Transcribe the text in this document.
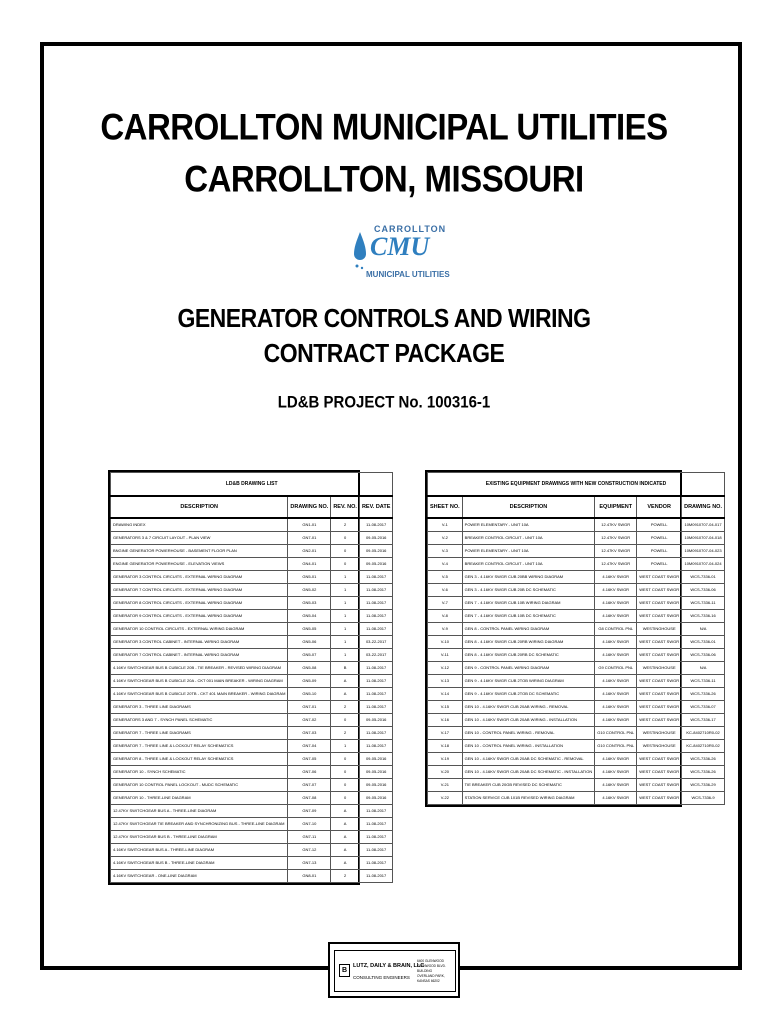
CARROLLTON MUNICIPAL UTILITIES
CARROLLTON, MISSOURI
CARROLLTON
CMU
MUNICIPAL UTILITIES
GENERATOR CONTROLS AND WIRING
CONTRACT PACKAGE
LD&B PROJECT No. 100316-1
LD&B DRAWING LIST			
DESCRIPTION	DRAWING NO.	REV. NO.	REV. DATE
DRAWING INDEX	GN1-01	2	11-08-2017
GENERATORS 3 & 7 CIRCUIT LAYOUT - PLAN VIEW	GN7-01	0	09-05-2016
BNGINE GENERATOR POWERHOUSE - BASEMENT FLOOR PLAN	GN2-01	0	09-05-2016
ENGINE GENERATOR POWERHOUSE - ELEVATION VIEWS	GN4-01	0	09-05-2016
GENERATOR 3 CONTROL CIRCUITS - EXTERNAL WIRING DIAGRAM	GN5-01	1	11-08-2017
GENERATOR 7 CONTROL CIRCUITS - EXTERNAL WIRING DIAGRAM	GN5-02	1	11-08-2017
GENERATOR 8 CONTROL CIRCUITS - EXTERNAL WIRING DIAGRAM	GN5-03	1	11-08-2017
GENERATOR 9 CONTROL CIRCUITS - EXTERNAL WIRING DIAGRAM	GN5-04	1	11-08-2017
GENERATOR 10 CONTROL CIRCUITS - EXTERNAL WIRING DIAGRAM	GN5-05	1	11-08-2017
GENERATOR 3 CONTROL CABINET - INTERNAL WIRING DIAGRAM	GN5-06	1	03-22-2017
GENERATOR 7 CONTROL CABINET - INTERNAL WIRING DIAGRAM	GN5-07	1	03-22-2017
4.16KV SWITCHGEAR BUS B CUBICLE 20B - TIE BREAKER - REVISED WIRING DIAGRAM	GN5-08	B	11-08-2017
4.16KV SWITCHGEAR BUS B CUBICLE 20A - CKT 001 MAIN BREAKER - WIRING DIAGRAM	GN5-09	A	11-08-2017
4.16KV SWITCHGEAR BUS B CUBICLE 20TB - CKT 401 MAIN BREAKER - WIRING DIAGRAM	GN5-10	A	11-08-2017
GENERATOR 3 - THREE LINE DIAGRAMS	GN7-01	2	11-08-2017
GENERATORS 3 AND 7 - SYNCH PANEL SCHEMATIC	GN7-02	0	09-05-2016
GENERATOR 7 - THREE LINE DIAGRAMS	GN7-03	2	11-08-2017
GENERATOR 7 - THREE LINE & LOCKOUT RELAY SCHEMATICS	GN7-04	1	11-08-2017
GENERATOR 8 - THREE LINE & LOCKOUT RELAY SCHEMATICS	GN7-05	0	09-05-2016
GENERATOR 10 - SYNCH SCHEMATIC	GN7-06	0	09-05-2016
GENERATOR 10 CONTROL PANEL LOCKOUT - MUDC SCHEMATIC	GN7-07	0	09-05-2016
GENERATOR 10 - THREE-LINE DIAGRAM	GN7-08	0	09-05-2016
12.47KV SWITCHGEAR BUS A - THREE-LINE DIAGRAM	GN7-09	A	11-08-2017
12.47KV SWITCHGEAR TIE BREAKER AND SYNCHRONIZING BUS - THREE-LINE DIAGRAM	GN7-10	A	11-08-2017
12.47KV SWITCHGEAR BUS B - THREE-LINE DIAGRAM	GN7-11	A	11-08-2017
4.16KV SWITCHGEAR BUS A - THREE-LINE DIAGRAM	GN7-12	A	11-08-2017
4.16KV SWITCHGEAR BUS B - THREE-LINE DIAGRAM	GN7-13	A	11-08-2017
4.16KV SWITCHGEAR - ONE-LINE DIAGRAM	GN8-01	2	11-08-2017
EXISTING EQUIPMENT DRAWINGS WITH NEW CONSTRUCTION INDICATED				
SHEET NO.	DESCRIPTION	EQUIPMENT	VENDOR	DRAWING NO.
V-1	POWER ELEMENTARY - UNIT 10A	12.47KV SWGR	POWELL	10M0910707-04-017
V-2	BREAKER CONTROL CIRCUIT - UNIT 10A	12.47KV SWGR	POWELL	10M0910707-04-018
V-3	POWER ELEMENTARY - UNIT 10A	12.47KV SWGR	POWELL	10M0910707-04-023
V-4	BREAKER CONTROL CIRCUIT - UNIT 10A	12.47KV SWGR	POWELL	10M0910707-04-024
V-5	GEN 3 - 4.16KV SWGR CUB 20BB WIRING DIAGRAM	4.16KV SWGR	WEST COAST SWGR	WCS-7336-01
V-6	GEN 3 - 4.16KV SWGR CUB 20B DC SCHEMATIC	4.16KV SWGR	WEST COAST SWGR	WCS-7336-06
V-7	GEN 7 - 4.16KV SWGR CUB 10B WIRING DIAGRAM	4.16KV SWGR	WEST COAST SWGR	WCS-7336-11
V-8	GEN 7 - 4.16KV SWGR CUB 10B DC SCHEMATIC	4.16KV SWGR	WEST COAST SWGR	WCS-7336-16
V-9	GEN 8 - CONTROL PANEL WIRING DIAGRAM	G8 CONTROL PNL	WESTINGHOUSE	N/A
V-10	GEN 8 - 4.16KV SWGR CUB 20RB WIRING DIAGRAM	4.16KV SWGR	WEST COAST SWGR	WCS-7336-01
V-11	GEN 8 - 4.16KV SWGR CUB 20RB DC SCHEMATIC	4.16KV SWGR	WEST COAST SWGR	WCS-7336-06
V-12	GEN 9 - CONTROL PANEL WIRING DIAGRAM	G9 CONTROL PNL	WESTINGHOUSE	N/A
V-13	GEN 9 - 4.16KV SWGR CUB 2TOB WIRING DIAGRAM	4.16KV SWGR	WEST COAST SWGR	WCS-7336-11
V-14	GEN 9 - 4.16KV SWGR CUB 2TOB DC SCHEMATIC	4.16KV SWGR	WEST COAST SWGR	WCS-7336-26
V-15	GEN 10 - 4.16KV SWGR CUB 20AB WIRING - REMOVAL	4.16KV SWGR	WEST COAST SWGR	WCS-7336-07
V-16	GEN 10 - 4.16KV SWGR CUB 20AB WIRING - INSTALLATION	4.16KV SWGR	WEST COAST SWGR	WCS-7336-17
V-17	GEN 10 - CONTROL PANEL WIRING - REMOVAL	G10 CONTROL PNL	WESTINGHOUSE	KC-8402710R0-02
V-18	GEN 10 - CONTROL PANEL WIRING - INSTALLATION	G10 CONTROL PNL	WESTINGHOUSE	KC-8402710R0-02
V-19	GEN 10 - 4.16KV SWGR CUB 20AB DC SCHEMATIC - REMOVAL	4.16KV SWGR	WEST COAST SWGR	WCS-7336-26
V-20	GEN 10 - 4.16KV SWGR CUB 20AB DC SCHEMATIC - INSTALLATION	4.16KV SWGR	WEST COAST SWGR	WCS-7336-26
V-21	TIE BREAKER CUB 20GB REVISED DC SCHEMATIC	4.16KV SWGR	WEST COAST SWGR	WCS-7336-29
V-22	STATION SERVICE CUB 101B REVISED WIRING DIAGRAM	4.16KV SWGR	WEST COAST SWGR	WCS-7336-9
B
LUTZ, DAILY & BRAIN, LLC
CONSULTING ENGINEERS
6400 GLENWOOD
GLENWOOD BLVD. BUILDING
OVERLAND PARK, KANSAS 66202
